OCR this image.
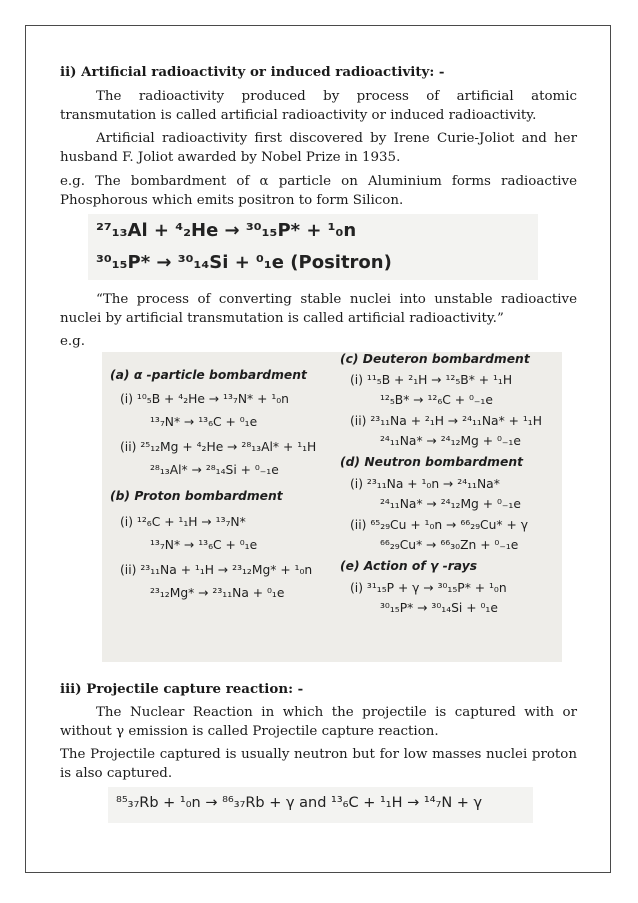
ii) Artificial radioactivity or induced radioactivity: -

The radioactivity produced by process of artificial atomic transmutation is called artificial radioactivity or induced radioactivity.

Artificial radioactivity first discovered by Irene Curie-Joliot and her husband F. Joliot awarded by Nobel Prize in 1935.

e.g. The bombardment of α particle on Aluminium forms radioactive Phosphorous which emits positron to form Silicon.

²⁷₁₃Al + ⁴₂He → ³⁰₁₅P* + ¹₀n
³⁰₁₅P* → ³⁰₁₄Si + ⁰₁e (Positron)

“The process of converting stable nuclei into unstable radioactive nuclei by artificial transmutation is called artificial radioactivity.”

e.g.
(a) α -particle bombardment
(i) ¹⁰₅B + ⁴₂He → ¹³₇N* + ¹₀n
¹³₇N* → ¹³₆C + ⁰₁e
(ii) ²⁵₁₂Mg + ⁴₂He → ²⁸₁₃Al* + ¹₁H
²⁸₁₃Al* → ²⁸₁₄Si + ⁰₋₁e
(b) Proton bombardment
(i) ¹²₆C + ¹₁H → ¹³₇N*
¹³₇N* → ¹³₆C + ⁰₁e
(ii) ²³₁₁Na + ¹₁H → ²³₁₂Mg* + ¹₀n
²³₁₂Mg* → ²³₁₁Na + ⁰₁e
(c) Deuteron bombardment
(i) ¹¹₅B + ²₁H → ¹²₅B* + ¹₁H
¹²₅B* → ¹²₆C + ⁰₋₁e
(ii) ²³₁₁Na + ²₁H → ²⁴₁₁Na* + ¹₁H
²⁴₁₁Na* → ²⁴₁₂Mg + ⁰₋₁e
(d) Neutron bombardment
(i) ²³₁₁Na + ¹₀n → ²⁴₁₁Na*
²⁴₁₁Na* → ²⁴₁₂Mg + ⁰₋₁e
(ii) ⁶⁵₂₉Cu + ¹₀n → ⁶⁶₂₉Cu* + γ
⁶⁶₂₉Cu* → ⁶⁶₃₀Zn + ⁰₋₁e
(e) Action of γ -rays
(i) ³¹₁₅P + γ → ³⁰₁₅P* + ¹₀n
³⁰₁₅P* → ³⁰₁₄Si + ⁰₁e
iii) Projectile capture reaction: -

The Nuclear Reaction in which the projectile is captured with or without γ emission is called Projectile capture reaction.

The Projectile captured is usually neutron but for low masses nuclei proton is also captured.

⁸⁵₃₇Rb + ¹₀n → ⁸⁶₃₇Rb + γ and ¹³₆C + ¹₁H → ¹⁴₇N + γ
